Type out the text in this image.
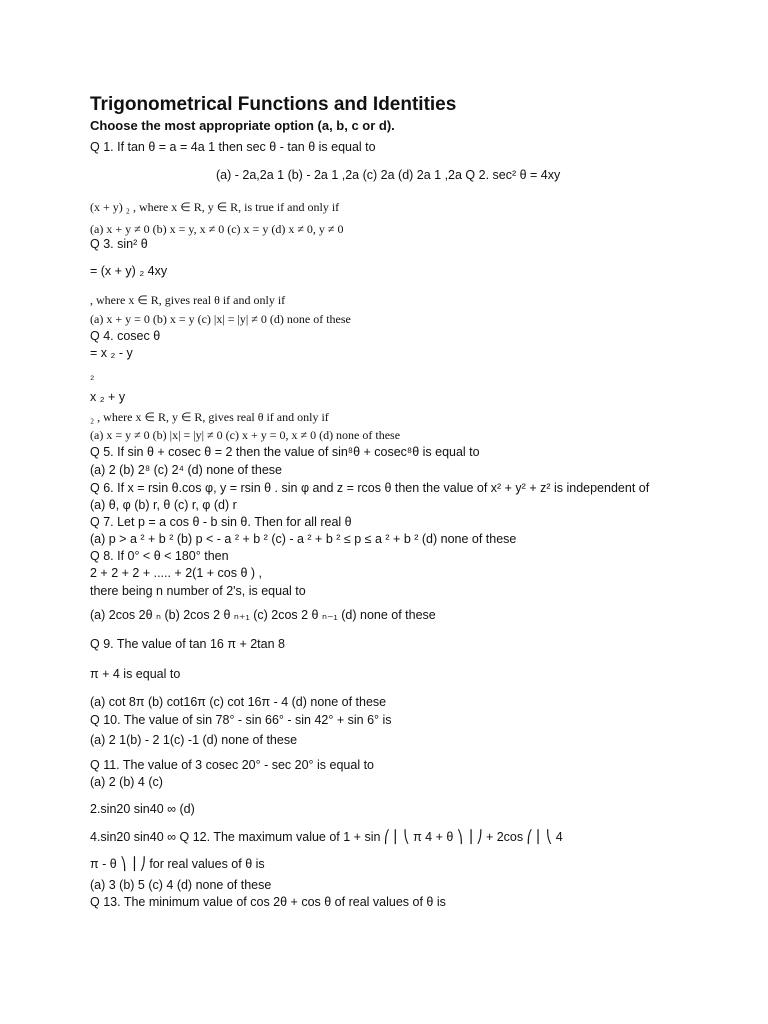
Trigonometrical Functions and Identities
Choose the most appropriate option (a, b, c or d).
Q 1. If tan θ = a = 4a 1 then sec θ - tan θ is equal to
(a) - 2a,2a 1 (b) - 2a 1 ,2a (c) 2a (d) 2a 1 ,2a Q 2. sec² θ = 4xy
(x + y) ₂ , where x ∈ R, y ∈ R, is true if and only if
(a) x + y ≠ 0 (b) x = y, x ≠ 0 (c) x = y (d) x ≠ 0, y ≠ 0
Q 3. sin² θ
= (x + y) ₂ 4xy
, where x ∈ R, gives real θ if and only if
(a) x + y = 0 (b) x = y (c) |x| = |y| ≠ 0 (d) none of these
Q 4. cosec θ
= x ₂ - y
₂
x ₂ + y
₂ , where x ∈ R, y ∈ R, gives real θ if and only if
(a) x = y ≠ 0 (b) |x| = |y| ≠ 0 (c) x + y = 0, x ≠ 0 (d) none of these
Q 5. If sin θ + cosec θ = 2 then the value of sin⁸θ + cosec⁸θ is equal to
(a) 2 (b) 2⁸ (c) 2⁴ (d) none of these
Q 6. If x = rsin θ.cos φ, y = rsin θ . sin φ and z = rcos θ then the value of x² + y² + z² is independent of
(a) θ, φ (b) r, θ (c) r, φ (d) r
Q 7. Let p = a cos θ - b sin θ. Then for all real θ
(a) p > a ² + b ² (b) p < - a ² + b ² (c) - a ² + b ² ≤ p ≤ a ² + b ² (d) none of these
Q 8. If 0° < θ < 180° then
2 + 2 + 2 + ..... + 2(1 + cos θ ) ,
there being n number of 2's, is equal to
(a) 2cos 2θ ₙ (b) 2cos 2 θ ₙ₊₁ (c) 2cos 2 θ ₙ₋₁ (d) none of these
Q 9. The value of tan 16 π + 2tan 8
π + 4 is equal to
(a) cot 8π (b) cot16π (c) cot 16π - 4 (d) none of these
Q 10. The value of sin 78° - sin 66° - sin 42° + sin 6° is
(a) 2 1(b) - 2 1(c) -1 (d) none of these
Q 11. The value of 3 cosec 20° - sec 20° is equal to
(a) 2 (b) 4 (c)
2.sin20 sin40 ∞ (d)
4.sin20 sin40 ∞ Q 12. The maximum value of 1 + sin ⎛ ⎜ ⎝ π 4 + θ ⎞ ⎟ ⎠ + 2cos ⎛ ⎜ ⎝ 4
π - θ ⎞ ⎟ ⎠ for real values of θ is
(a) 3 (b) 5 (c) 4 (d) none of these
Q 13. The minimum value of cos 2θ + cos θ of real values of θ is
